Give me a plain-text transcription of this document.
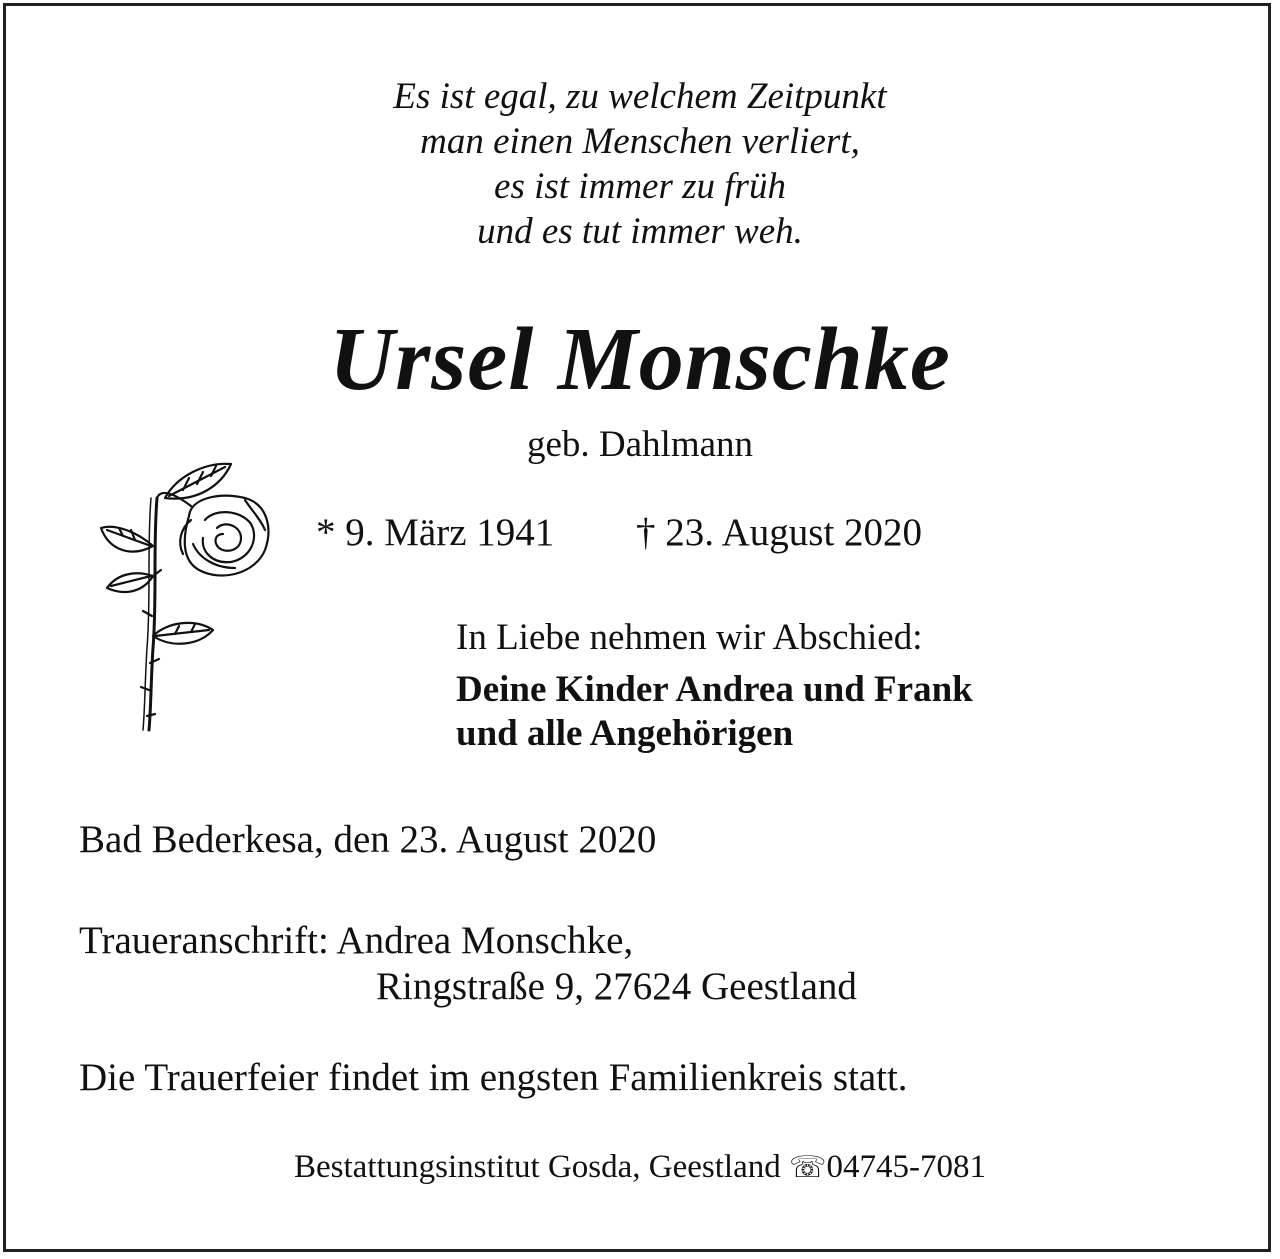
Es ist egal, zu welchem Zeitpunkt
man einen Menschen verliert,
es ist immer zu früh
und es tut immer weh.
Ursel Monschke
geb. Dahlmann
* 9. März 1941 † 23. August 2020
In Liebe nehmen wir Abschied:
Deine Kinder Andrea und Frank
und alle Angehörigen
Bad Bederkesa, den 23. August 2020
Traueranschrift: Andrea Monschke,
Ringstraße 9, 27624 Geestland
Die Trauerfeier findet im engsten Familienkreis statt.
Bestattungsinstitut Gosda, Geestland ☏04745-7081
